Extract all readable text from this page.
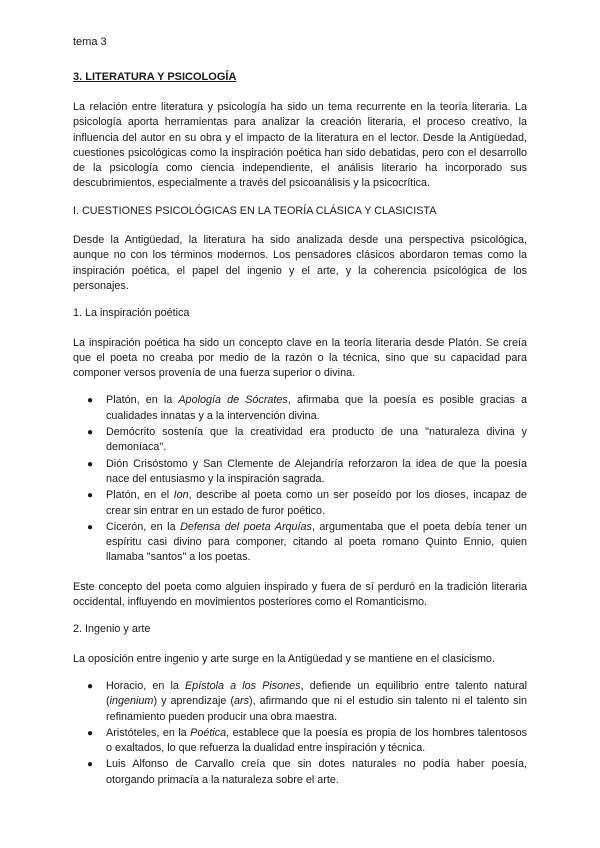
tema 3
3. LITERATURA Y PSICOLOGÍA

La relación entre literatura y psicología ha sido un tema recurrente en la teoría literaria. La psicología aporta herramientas para analizar la creación literaria, el proceso creativo, la influencia del autor en su obra y el impacto de la literatura en el lector. Desde la Antigüedad, cuestiones psicológicas como la inspiración poética han sido debatidas, pero con el desarrollo de la psicología como ciencia independiente, el análisis literario ha incorporado sus descubrimientos, especialmente a través del psicoanálisis y la psicocrítica.

I. CUESTIONES PSICOLÓGICAS EN LA TEORÍA CLÁSICA Y CLASICISTA

Desde la Antigüedad, la literatura ha sido analizada desde una perspectiva psicológica, aunque no con los términos modernos. Los pensadores clásicos abordaron temas como la inspiración poética, el papel del ingenio y el arte, y la coherencia psicológica de los personajes.

1. La inspiración poética

La inspiración poética ha sido un concepto clave en la teoría literaria desde Platón. Se creía que el poeta no creaba por medio de la razón o la técnica, sino que su capacidad para componer versos provenía de una fuerza superior o divina.

● Platón, en la Apología de Sócrates, afirmaba que la poesía es posible gracias a cualidades innatas y a la intervención divina.
● Demócrito sostenía que la creatividad era producto de una "naturaleza divina y demoníaca".
● Dión Crisóstomo y San Clemente de Alejandría reforzaron la idea de que la poesía nace del entusiasmo y la inspiración sagrada.
● Platón, en el Ion, describe al poeta como un ser poseído por los dioses, incapaz de crear sin entrar en un estado de furor poético.
● Cicerón, en la Defensa del poeta Arquías, argumentaba que el poeta debía tener un espíritu casi divino para componer, citando al poeta romano Quinto Ennio, quien llamaba "santos" a los poetas.

Este concepto del poeta como alguien inspirado y fuera de sí perduró en la tradición literaria occidental, influyendo en movimientos posteriores como el Romanticismo.

2. Ingenio y arte

La oposición entre ingenio y arte surge en la Antigüedad y se mantiene en el clasicismo.

● Horacio, en la Epístola a los Pisones, defiende un equilibrio entre talento natural (ingenium) y aprendizaje (ars), afirmando que ni el estudio sin talento ni el talento sin refinamiento pueden producir una obra maestra.
● Aristóteles, en la Poética, establece que la poesía es propia de los hombres talentosos o exaltados, lo que refuerza la dualidad entre inspiración y técnica.
● Luis Alfonso de Carvallo creía que sin dotes naturales no podía haber poesía, otorgando primacía a la naturaleza sobre el arte.
